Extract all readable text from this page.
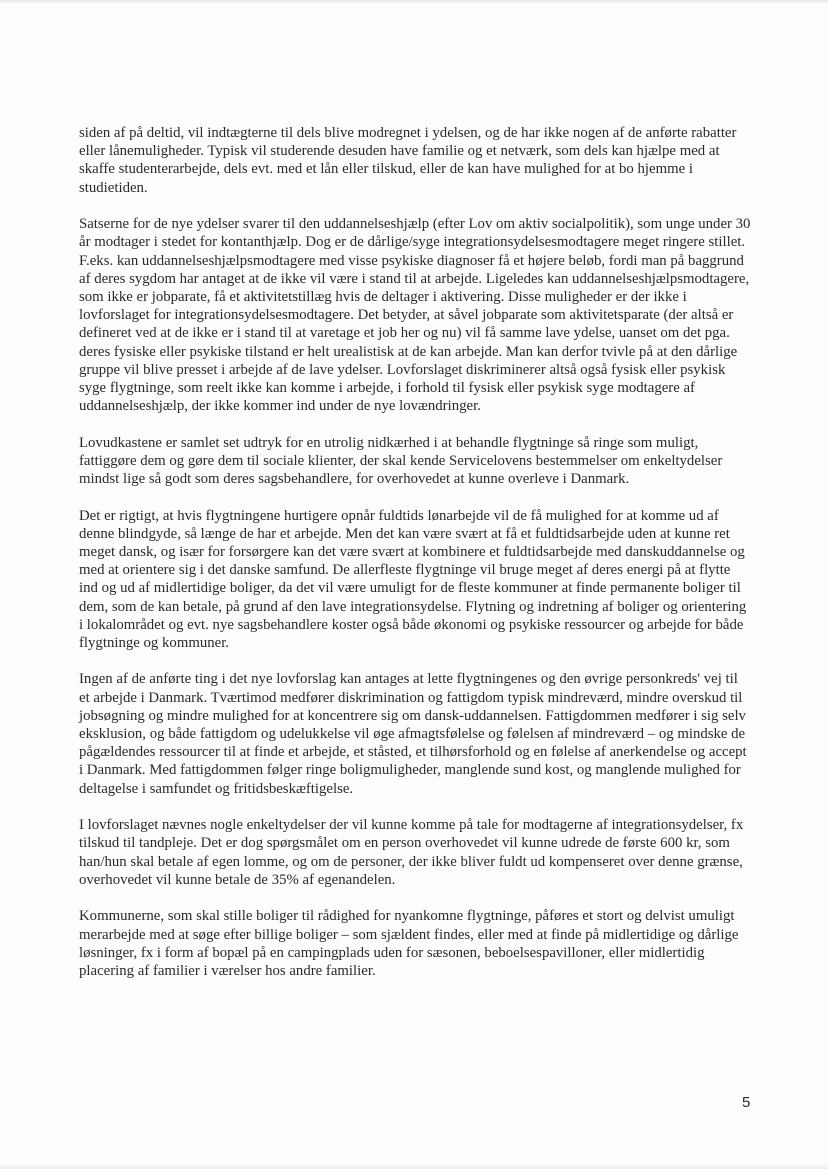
siden af på deltid, vil indtægterne til dels blive modregnet i ydelsen, og de har ikke nogen af de anførte rabatter eller lånemuligheder. Typisk vil studerende desuden have familie og et netværk, som dels kan hjælpe med at skaffe studenterarbejde, dels evt. med et lån eller tilskud, eller de kan have mulighed for at bo hjemme i studietiden.

Satserne for de nye ydelser svarer til den uddannelseshjælp (efter Lov om aktiv socialpolitik), som unge under 30 år modtager i stedet for kontanthjælp. Dog er de dårlige/syge integrationsydelsesmodtagere meget ringere stillet. F.eks. kan uddannelseshjælpsmodtagere med visse psykiske diagnoser få et højere beløb, fordi man på baggrund af deres sygdom har antaget at de ikke vil være i stand til at arbejde. Ligeledes kan uddannelseshjælpsmodtagere, som ikke er jobparate, få et aktivitetstillæg hvis de deltager i aktivering. Disse muligheder er der ikke i lovforslaget for integrationsydelsesmodtagere. Det betyder, at såvel jobparate som aktivitetsparate (der altså er defineret ved at de ikke er i stand til at varetage et job her og nu) vil få samme lave ydelse, uanset om det pga. deres fysiske eller psykiske tilstand er helt urealistisk at de kan arbejde. Man kan derfor tvivle på at den dårlige gruppe vil blive presset i arbejde af de lave ydelser. Lovforslaget diskriminerer altså også fysisk eller psykisk syge flygtninge, som reelt ikke kan komme i arbejde, i forhold til fysisk eller psykisk syge modtagere af uddannelseshjælp, der ikke kommer ind under de nye lovændringer.

Lovudkastene er samlet set udtryk for en utrolig nidkærhed i at behandle flygtninge så ringe som muligt, fattiggøre dem og gøre dem til sociale klienter, der skal kende Servicelovens bestemmelser om enkeltydelser mindst lige så godt som deres sagsbehandlere, for overhovedet at kunne overleve i Danmark.

Det er rigtigt, at hvis flygtningene hurtigere opnår fuldtids lønarbejde vil de få mulighed for at komme ud af denne blindgyde, så længe de har et arbejde. Men det kan være svært at få et fuldtidsarbejde uden at kunne ret meget dansk, og især for forsørgere kan det være svært at kombinere et fuldtidsarbejde med danskuddannelse og med at orientere sig i det danske samfund. De allerfleste flygtninge vil bruge meget af deres energi på at flytte ind og ud af midlertidige boliger, da det vil være umuligt for de fleste kommuner at finde permanente boliger til dem, som de kan betale, på grund af den lave integrationsydelse. Flytning og indretning af boliger og orientering i lokalområdet og evt. nye sagsbehandlere koster også både økonomi og psykiske ressourcer og arbejde for både flygtninge og kommuner.

Ingen af de anførte ting i det nye lovforslag kan antages at lette flygtningenes og den øvrige personkreds' vej til et arbejde i Danmark. Tværtimod medfører diskrimination og fattigdom typisk mindreværd, mindre overskud til jobsøgning og mindre mulighed for at koncentrere sig om dansk-uddannelsen. Fattigdommen medfører i sig selv eksklusion, og både fattigdom og udelukkelse vil øge afmagtsfølelse og følelsen af mindreværd – og mindske de pågældendes ressourcer til at finde et arbejde, et ståsted, et tilhørsforhold og en følelse af anerkendelse og accept i Danmark. Med fattigdommen følger ringe boligmuligheder, manglende sund kost, og manglende mulighed for deltagelse i samfundet og fritidsbeskæftigelse.

I lovforslaget nævnes nogle enkeltydelser der vil kunne komme på tale for modtagerne af integrationsydelser, fx tilskud til tandpleje. Det er dog spørgsmålet om en person overhovedet vil kunne udrede de første 600 kr, som han/hun skal betale af egen lomme, og om de personer, der ikke bliver fuldt ud kompenseret over denne grænse, overhovedet vil kunne betale de 35% af egenandelen.

Kommunerne, som skal stille boliger til rådighed for nyankomne flygtninge, påføres et stort og delvist umuligt merarbejde med at søge efter billige boliger – som sjældent findes, eller med at finde på midlertidige og dårlige løsninger, fx i form af bopæl på en campingplads uden for sæsonen, beboelsespavilloner, eller midlertidig placering af familier i værelser hos andre familier.

5
